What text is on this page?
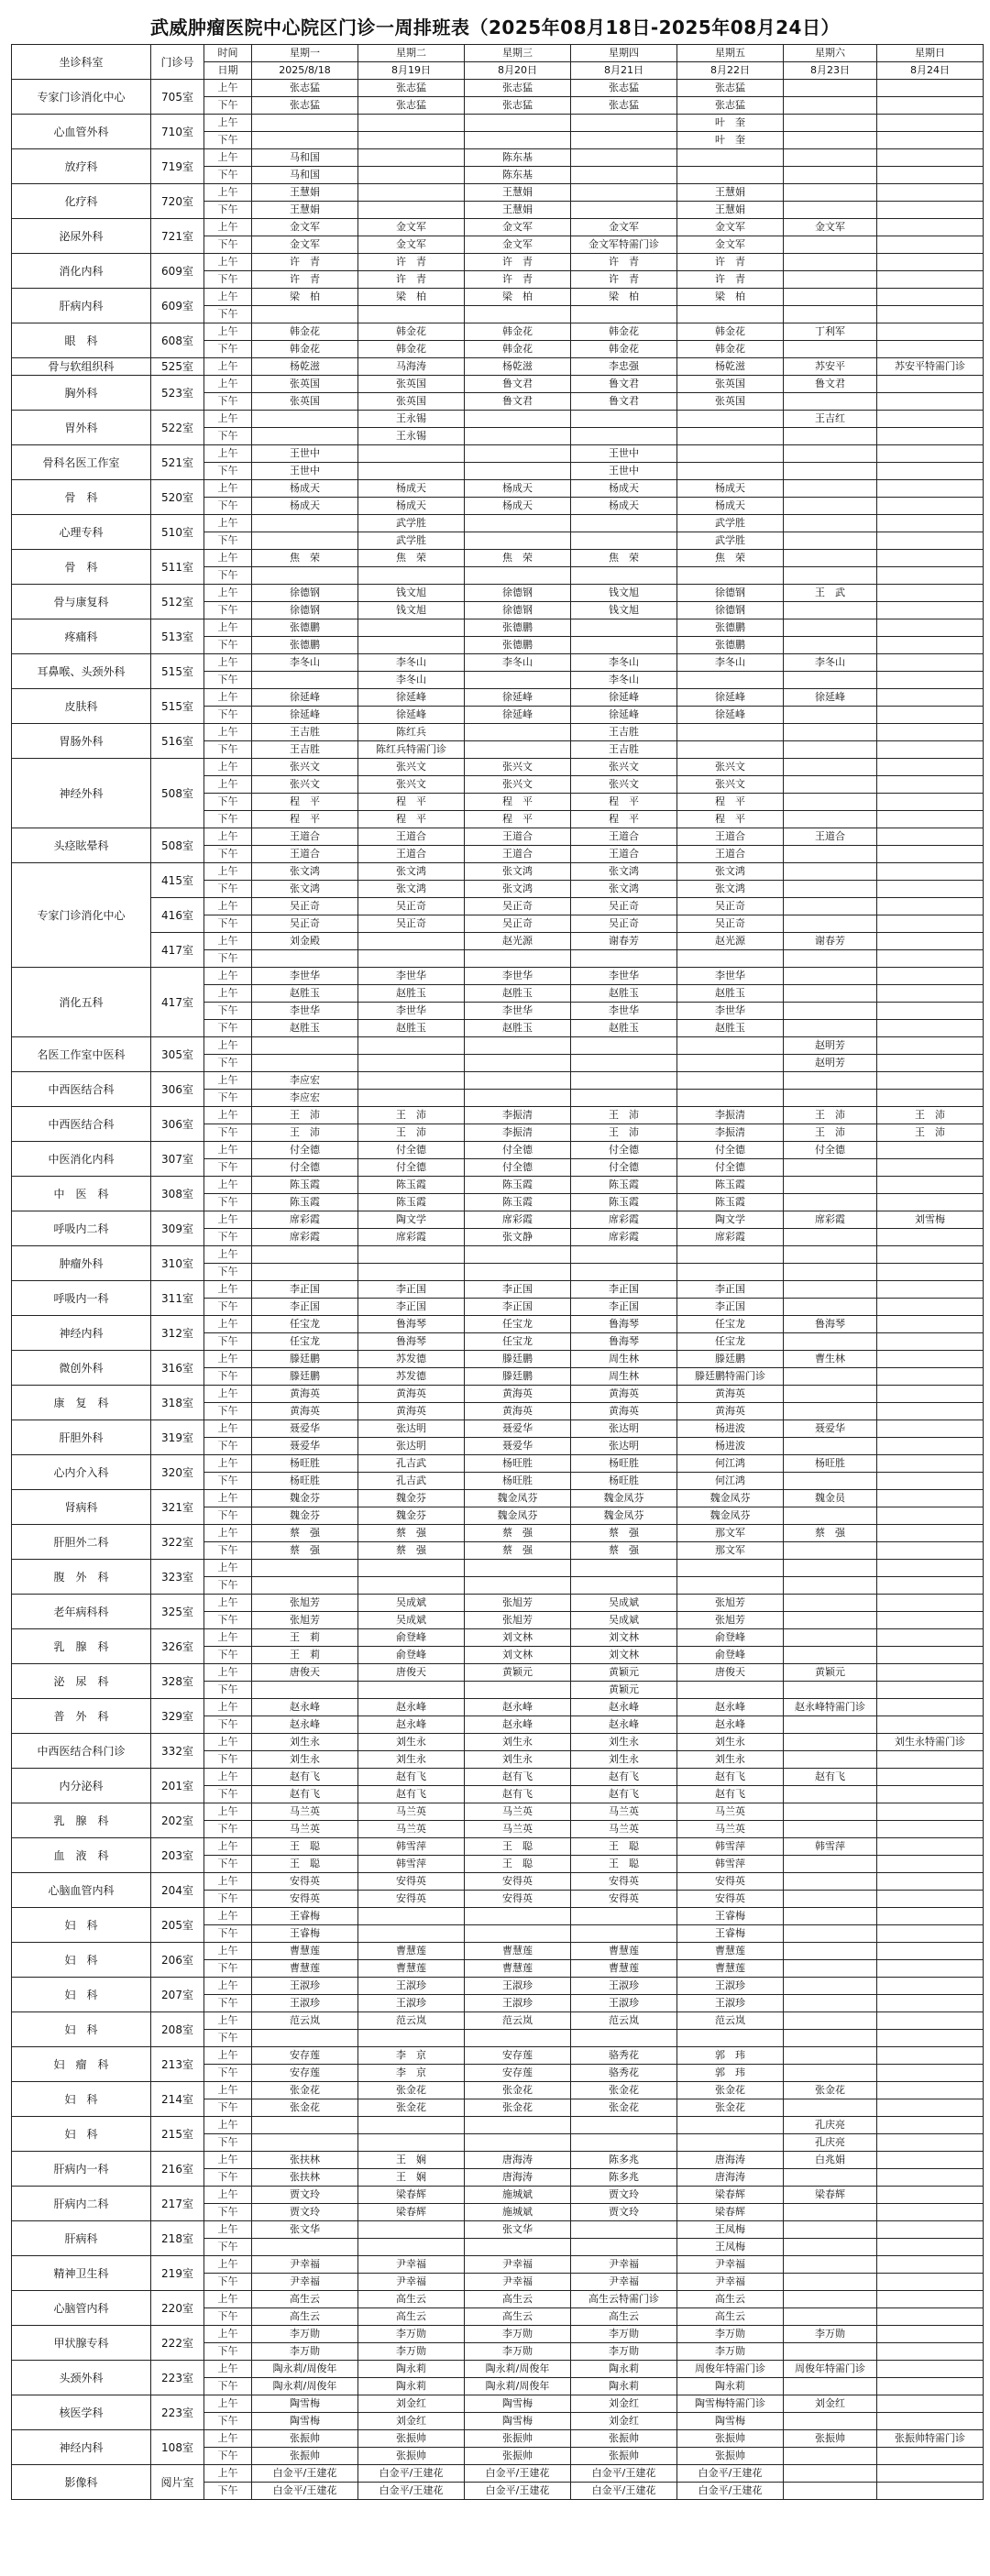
武威肿瘤医院中心院区门诊一周排班表（2025年08月18日-2025年08月24日）
坐诊科室	门诊号	时间	星期一	星期二	星期三	星期四	星期五	星期六	星期日
		日期	2025/8/18	8月19日	8月20日	8月21日	8月22日	8月23日	8月24日
专家门诊消化中心	705室	上午	张志猛	张志猛	张志猛	张志猛	张志猛		
		下午	张志猛	张志猛	张志猛	张志猛	张志猛		
心血管外科	710室	上午					叶　奎		
		下午					叶　奎		
放疗科	719室	上午	马和国		陈东基				
		下午	马和国		陈东基				
化疗科	720室	上午	王慧娟		王慧娟		王慧娟		
		下午	王慧娟		王慧娟		王慧娟		
泌尿外科	721室	上午	金文军	金文军	金文军	金文军	金文军	金文军	
		下午	金文军	金文军	金文军	金文军特需门诊	金文军		
消化内科	609室	上午	许　青	许　青	许　青	许　青	许　青		
		下午	许　青	许　青	许　青	许　青	许　青		
肝病内科	609室	上午	梁　柏	梁　柏	梁　柏	梁　柏	梁　柏		
		下午							
眼　科	608室	上午	韩金花	韩金花	韩金花	韩金花	韩金花	丁利军	
		下午	韩金花	韩金花	韩金花	韩金花	韩金花		
骨与软组织科	525室	上午	杨乾滋	马海涛	杨乾滋	李忠强	杨乾滋	苏安平	苏安平特需门诊
胸外科	523室	上午	张英国	张英国	鲁文君	鲁文君	张英国	鲁文君	
		下午	张英国	张英国	鲁文君	鲁文君	张英国		
胃外科	522室	上午		王永锡				王吉红	
		下午		王永锡					
骨科名医工作室	521室	上午	王世中			王世中			
		下午	王世中			王世中			
骨　科	520室	上午	杨成天	杨成天	杨成天	杨成天	杨成天		
		下午	杨成天	杨成天	杨成天	杨成天	杨成天		
心理专科	510室	上午		武学胜			武学胜		
		下午		武学胜			武学胜		
骨　科	511室	上午	焦　荣	焦　荣	焦　荣	焦　荣	焦　荣		
		下午							
骨与康复科	512室	上午	徐德钢	钱文旭	徐德钢	钱文旭	徐德钢	王　武	
		下午	徐德钢	钱文旭	徐德钢	钱文旭	徐德钢		
疼痛科	513室	上午	张德鹏		张德鹏		张德鹏		
		下午	张德鹏		张德鹏		张德鹏		
耳鼻喉、头颈外科	515室	上午	李冬山	李冬山	李冬山	李冬山	李冬山	李冬山	
		下午		李冬山		李冬山			
皮肤科	515室	上午	徐延峰	徐延峰	徐延峰	徐延峰	徐延峰	徐延峰	
		下午	徐延峰	徐延峰	徐延峰	徐延峰	徐延峰		
胃肠外科	516室	上午	王吉胜	陈红兵		王吉胜			
		下午	王吉胜	陈红兵特需门诊		王吉胜			
神经外科	508室	上午	张兴文	张兴文	张兴文	张兴文	张兴文		
		上午	张兴文	张兴文	张兴文	张兴文	张兴文		
		下午	程　平	程　平	程　平	程　平	程　平		
		下午	程　平	程　平	程　平	程　平	程　平		
头痉眩晕科	508室	上午	王道合	王道合	王道合	王道合	王道合	王道合	
		下午	王道合	王道合	王道合	王道合	王道合		
专家门诊消化中心	415室	上午	张文鸿	张文鸿	张文鸿	张文鸿	张文鸿		
		下午	张文鸿	张文鸿	张文鸿	张文鸿	张文鸿		
	416室	上午	吴正奇	吴正奇	吴正奇	吴正奇	吴正奇		
		下午	吴正奇	吴正奇	吴正奇	吴正奇	吴正奇		
	417室	上午	刘金殿		赵光源	谢春芳	赵光源	谢春芳	
		下午							
消化五科	417室	上午	李世华	李世华	李世华	李世华	李世华		
		上午	赵胜玉	赵胜玉	赵胜玉	赵胜玉	赵胜玉		
		下午	李世华	李世华	李世华	李世华	李世华		
		下午	赵胜玉	赵胜玉	赵胜玉	赵胜玉	赵胜玉		
名医工作室中医科	305室	上午						赵明芳	
		下午						赵明芳	
中西医结合科	306室	上午	李应宏						
		下午	李应宏						
中西医结合科	306室	上午	王　沛	王　沛	李振清	王　沛	李振清	王　沛	王　沛
		下午	王　沛	王　沛	李振清	王　沛	李振清	王　沛	王　沛
中医消化内科	307室	上午	付全德	付全德	付全德	付全德	付全德	付全德	
		下午	付全德	付全德	付全德	付全德	付全德		
中　医　科	308室	上午	陈玉霞	陈玉霞	陈玉霞	陈玉霞	陈玉霞		
		下午	陈玉霞	陈玉霞	陈玉霞	陈玉霞	陈玉霞		
呼吸内二科	309室	上午	席彩霞	陶文学	席彩霞	席彩霞	陶文学	席彩霞	刘雪梅
		下午	席彩霞	席彩霞	张文静	席彩霞	席彩霞		
肿瘤外科	310室	上午							
		下午							
呼吸内一科	311室	上午	李正国	李正国	李正国	李正国	李正国		
		下午	李正国	李正国	李正国	李正国	李正国		
神经内科	312室	上午	任宝龙	鲁海琴	任宝龙	鲁海琴	任宝龙	鲁海琴	
		下午	任宝龙	鲁海琴	任宝龙	鲁海琴	任宝龙		
微创外科	316室	上午	滕廷鹏	苏发德	滕廷鹏	周生林	滕廷鹏	曹生林	
		下午	滕廷鹏	苏发德	滕廷鹏	周生林	滕廷鹏特需门诊		
康　复　科	318室	上午	黄海英	黄海英	黄海英	黄海英	黄海英		
		下午	黄海英	黄海英	黄海英	黄海英	黄海英		
肝胆外科	319室	上午	聂爱华	张达明	聂爱华	张达明	杨进波	聂爱华	
		下午	聂爱华	张达明	聂爱华	张达明	杨进波		
心内介入科	320室	上午	杨旺胜	孔吉武	杨旺胜	杨旺胜	何江鸿	杨旺胜	
		下午	杨旺胜	孔吉武	杨旺胜	杨旺胜	何江鸿		
肾病科	321室	上午	魏金芬	魏金芬	魏金凤芬	魏金凤芬	魏金凤芬	魏金员	
		下午	魏金芬	魏金芬	魏金凤芬	魏金凤芬	魏金凤芬		
肝胆外二科	322室	上午	蔡　强	蔡　强	蔡　强	蔡　强	那文军	蔡　强	
		下午	蔡　强	蔡　强	蔡　强	蔡　强	那文军		
腹　外　科	323室	上午							
		下午							
老年病科科	325室	上午	张旭芳	吴成斌	张旭芳	吴成斌	张旭芳		
		下午	张旭芳	吴成斌	张旭芳	吴成斌	张旭芳		
乳　腺　科	326室	上午	王　莉	俞登峰	刘文林	刘文林	俞登峰		
		下午	王　莉	俞登峰	刘文林	刘文林	俞登峰		
泌　尿　科	328室	上午	唐俊天	唐俊天	黄颖元	黄颖元	唐俊天	黄颖元	
		下午				黄颖元			
普　外　科	329室	上午	赵永峰	赵永峰	赵永峰	赵永峰	赵永峰	赵永峰特需门诊	
		下午	赵永峰	赵永峰	赵永峰	赵永峰	赵永峰		
中西医结合科门诊	332室	上午	刘生永	刘生永	刘生永	刘生永	刘生永		刘生永特需门诊
		下午	刘生永	刘生永	刘生永	刘生永	刘生永		
内分泌科	201室	上午	赵有飞	赵有飞	赵有飞	赵有飞	赵有飞	赵有飞	
		下午	赵有飞	赵有飞	赵有飞	赵有飞	赵有飞		
乳　腺　科	202室	上午	马兰英	马兰英	马兰英	马兰英	马兰英		
		下午	马兰英	马兰英	马兰英	马兰英	马兰英		
血　液　科	203室	上午	王　聪	韩雪萍	王　聪	王　聪	韩雪萍	韩雪萍	
		下午	王　聪	韩雪萍	王　聪	王　聪	韩雪萍		
心脑血管内科	204室	上午	安得英	安得英	安得英	安得英	安得英		
		下午	安得英	安得英	安得英	安得英	安得英		
妇　科	205室	上午	王睿梅				王睿梅		
		下午	王睿梅				王睿梅		
妇　科	206室	上午	曹慧莲	曹慧莲	曹慧莲	曹慧莲	曹慧莲		
		下午	曹慧莲	曹慧莲	曹慧莲	曹慧莲	曹慧莲		
妇　科	207室	上午	王淑珍	王淑珍	王淑珍	王淑珍	王淑珍		
		下午	王淑珍	王淑珍	王淑珍	王淑珍	王淑珍		
妇　科	208室	上午	范云岚	范云岚	范云岚	范云岚	范云岚		
		下午							
妇　瘤　科	213室	上午	安存莲	李　京	安存莲	骆秀花	郭　玮		
		下午	安存莲	李　京	安存莲	骆秀花	郭　玮		
妇　科	214室	上午	张金花	张金花	张金花	张金花	张金花	张金花	
		下午	张金花	张金花	张金花	张金花	张金花		
妇　科	215室	上午						孔庆亮	
		下午						孔庆亮	
肝病内一科	216室	上午	张扶林	王　娴	唐海涛	陈多兆	唐海涛	白兆娟	
		下午	张扶林	王　娴	唐海涛	陈多兆	唐海涛		
肝病内二科	217室	上午	贾文玲	梁春辉	施城斌	贾文玲	梁春辉	梁春辉	
		下午	贾文玲	梁春辉	施城斌	贾文玲	梁春辉		
肝病科	218室	上午	张文华		张文华		王凤梅		
		下午					王凤梅		
精神卫生科	219室	上午	尹幸福	尹幸福	尹幸福	尹幸福	尹幸福		
		下午	尹幸福	尹幸福	尹幸福	尹幸福	尹幸福		
心脑管内科	220室	上午	高生云	高生云	高生云	高生云特需门诊	高生云		
		下午	高生云	高生云	高生云	高生云	高生云		
甲状腺专科	222室	上午	李万勋	李万勋	李万勋	李万勋	李万勋	李万勋	
		下午	李万勋	李万勋	李万勋	李万勋	李万勋		
头颈外科	223室	上午	陶永莉/周俊年	陶永莉	陶永莉/周俊年	陶永莉	周俊年特需门诊	周俊年特需门诊	
		下午	陶永莉/周俊年	陶永莉	陶永莉/周俊年	陶永莉	陶永莉		
核医学科	223室	上午	陶雪梅	刘金红	陶雪梅	刘金红	陶雪梅特需门诊	刘金红	
		下午	陶雪梅	刘金红	陶雪梅	刘金红	陶雪梅		
神经内科	108室	上午	张振帅	张振帅	张振帅	张振帅	张振帅	张振帅	张振帅特需门诊
		下午	张振帅	张振帅	张振帅	张振帅	张振帅		
影像科	阅片室	上午	白金平/王建花	白金平/王建花	白金平/王建花	白金平/王建花	白金平/王建花		
		下午	白金平/王建花	白金平/王建花	白金平/王建花	白金平/王建花	白金平/王建花		
